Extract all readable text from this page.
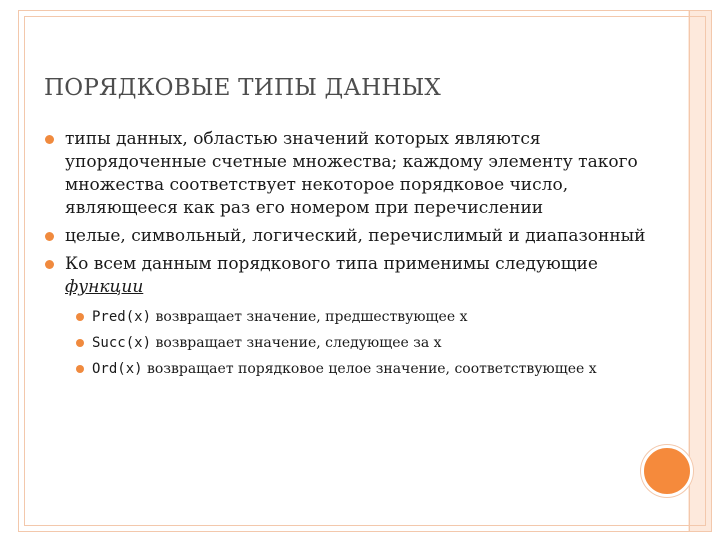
ПОРЯДКОВЫЕ ТИПЫ ДАННЫХ
типы данных, областью значений которых являются упорядоченные счетные множества; каждому элементу такого множества соответствует некоторое порядковое число, являющееся как раз его номером при перечислении
целые, символьный, логический, перечислимый и диапазонный
Ко всем данным порядкового типа применимы следующие функции
Pred(x) возвращает значение, предшествующее х
Succ(x) возвращает значение, следующее за х
Ord(x) возвращает порядковое целое значение, соответствующее х
